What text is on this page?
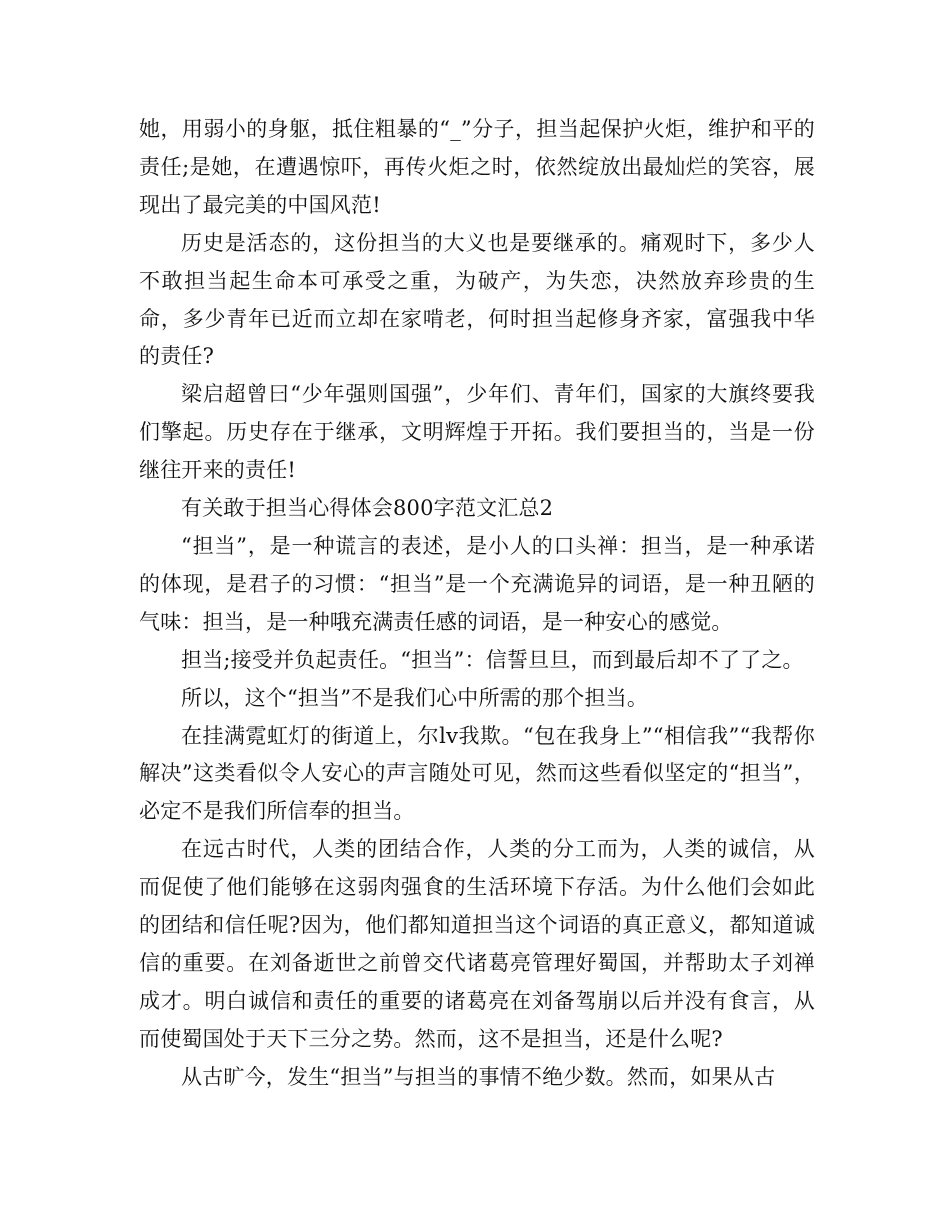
她，用弱小的身躯，抵住粗暴的“_”分子，担当起保护火炬，维护和平的责任;是她，在遭遇惊吓，再传火炬之时，依然绽放出最灿烂的笑容，展现出了最完美的中国风范!

历史是活态的，这份担当的大义也是要继承的。痛观时下，多少人不敢担当起生命本可承受之重，为破产，为失恋，决然放弃珍贵的生命，多少青年已近而立却在家啃老，何时担当起修身齐家，富强我中华的责任?

梁启超曾曰“少年强则国强”，少年们、青年们，国家的大旗终要我们擎起。历史存在于继承，文明辉煌于开拓。我们要担当的，当是一份继往开来的责任!

有关敢于担当心得体会800字范文汇总2

“担当”，是一种谎言的表述，是小人的口头禅：担当，是一种承诺的体现，是君子的习惯：“担当”是一个充满诡异的词语，是一种丑陋的气味：担当，是一种哦充满责任感的词语，是一种安心的感觉。

担当;接受并负起责任。“担当”：信誓旦旦，而到最后却不了了之。

所以，这个“担当”不是我们心中所需的那个担当。

在挂满霓虹灯的街道上，尔lv我欺。“包在我身上”“相信我”“我帮你解决”这类看似令人安心的声言随处可见，然而这些看似坚定的“担当”，必定不是我们所信奉的担当。

在远古时代，人类的团结合作，人类的分工而为，人类的诚信，从而促使了他们能够在这弱肉强食的生活环境下存活。为什么他们会如此的团结和信任呢?因为，他们都知道担当这个词语的真正意义，都知道诚信的重要。在刘备逝世之前曾交代诸葛亮管理好蜀国，并帮助太子刘禅成才。明白诚信和责任的重要的诸葛亮在刘备驾崩以后并没有食言，从而使蜀国处于天下三分之势。然而，这不是担当，还是什么呢?

从古旷今，发生“担当”与担当的事情不绝少数。然而，如果从古
